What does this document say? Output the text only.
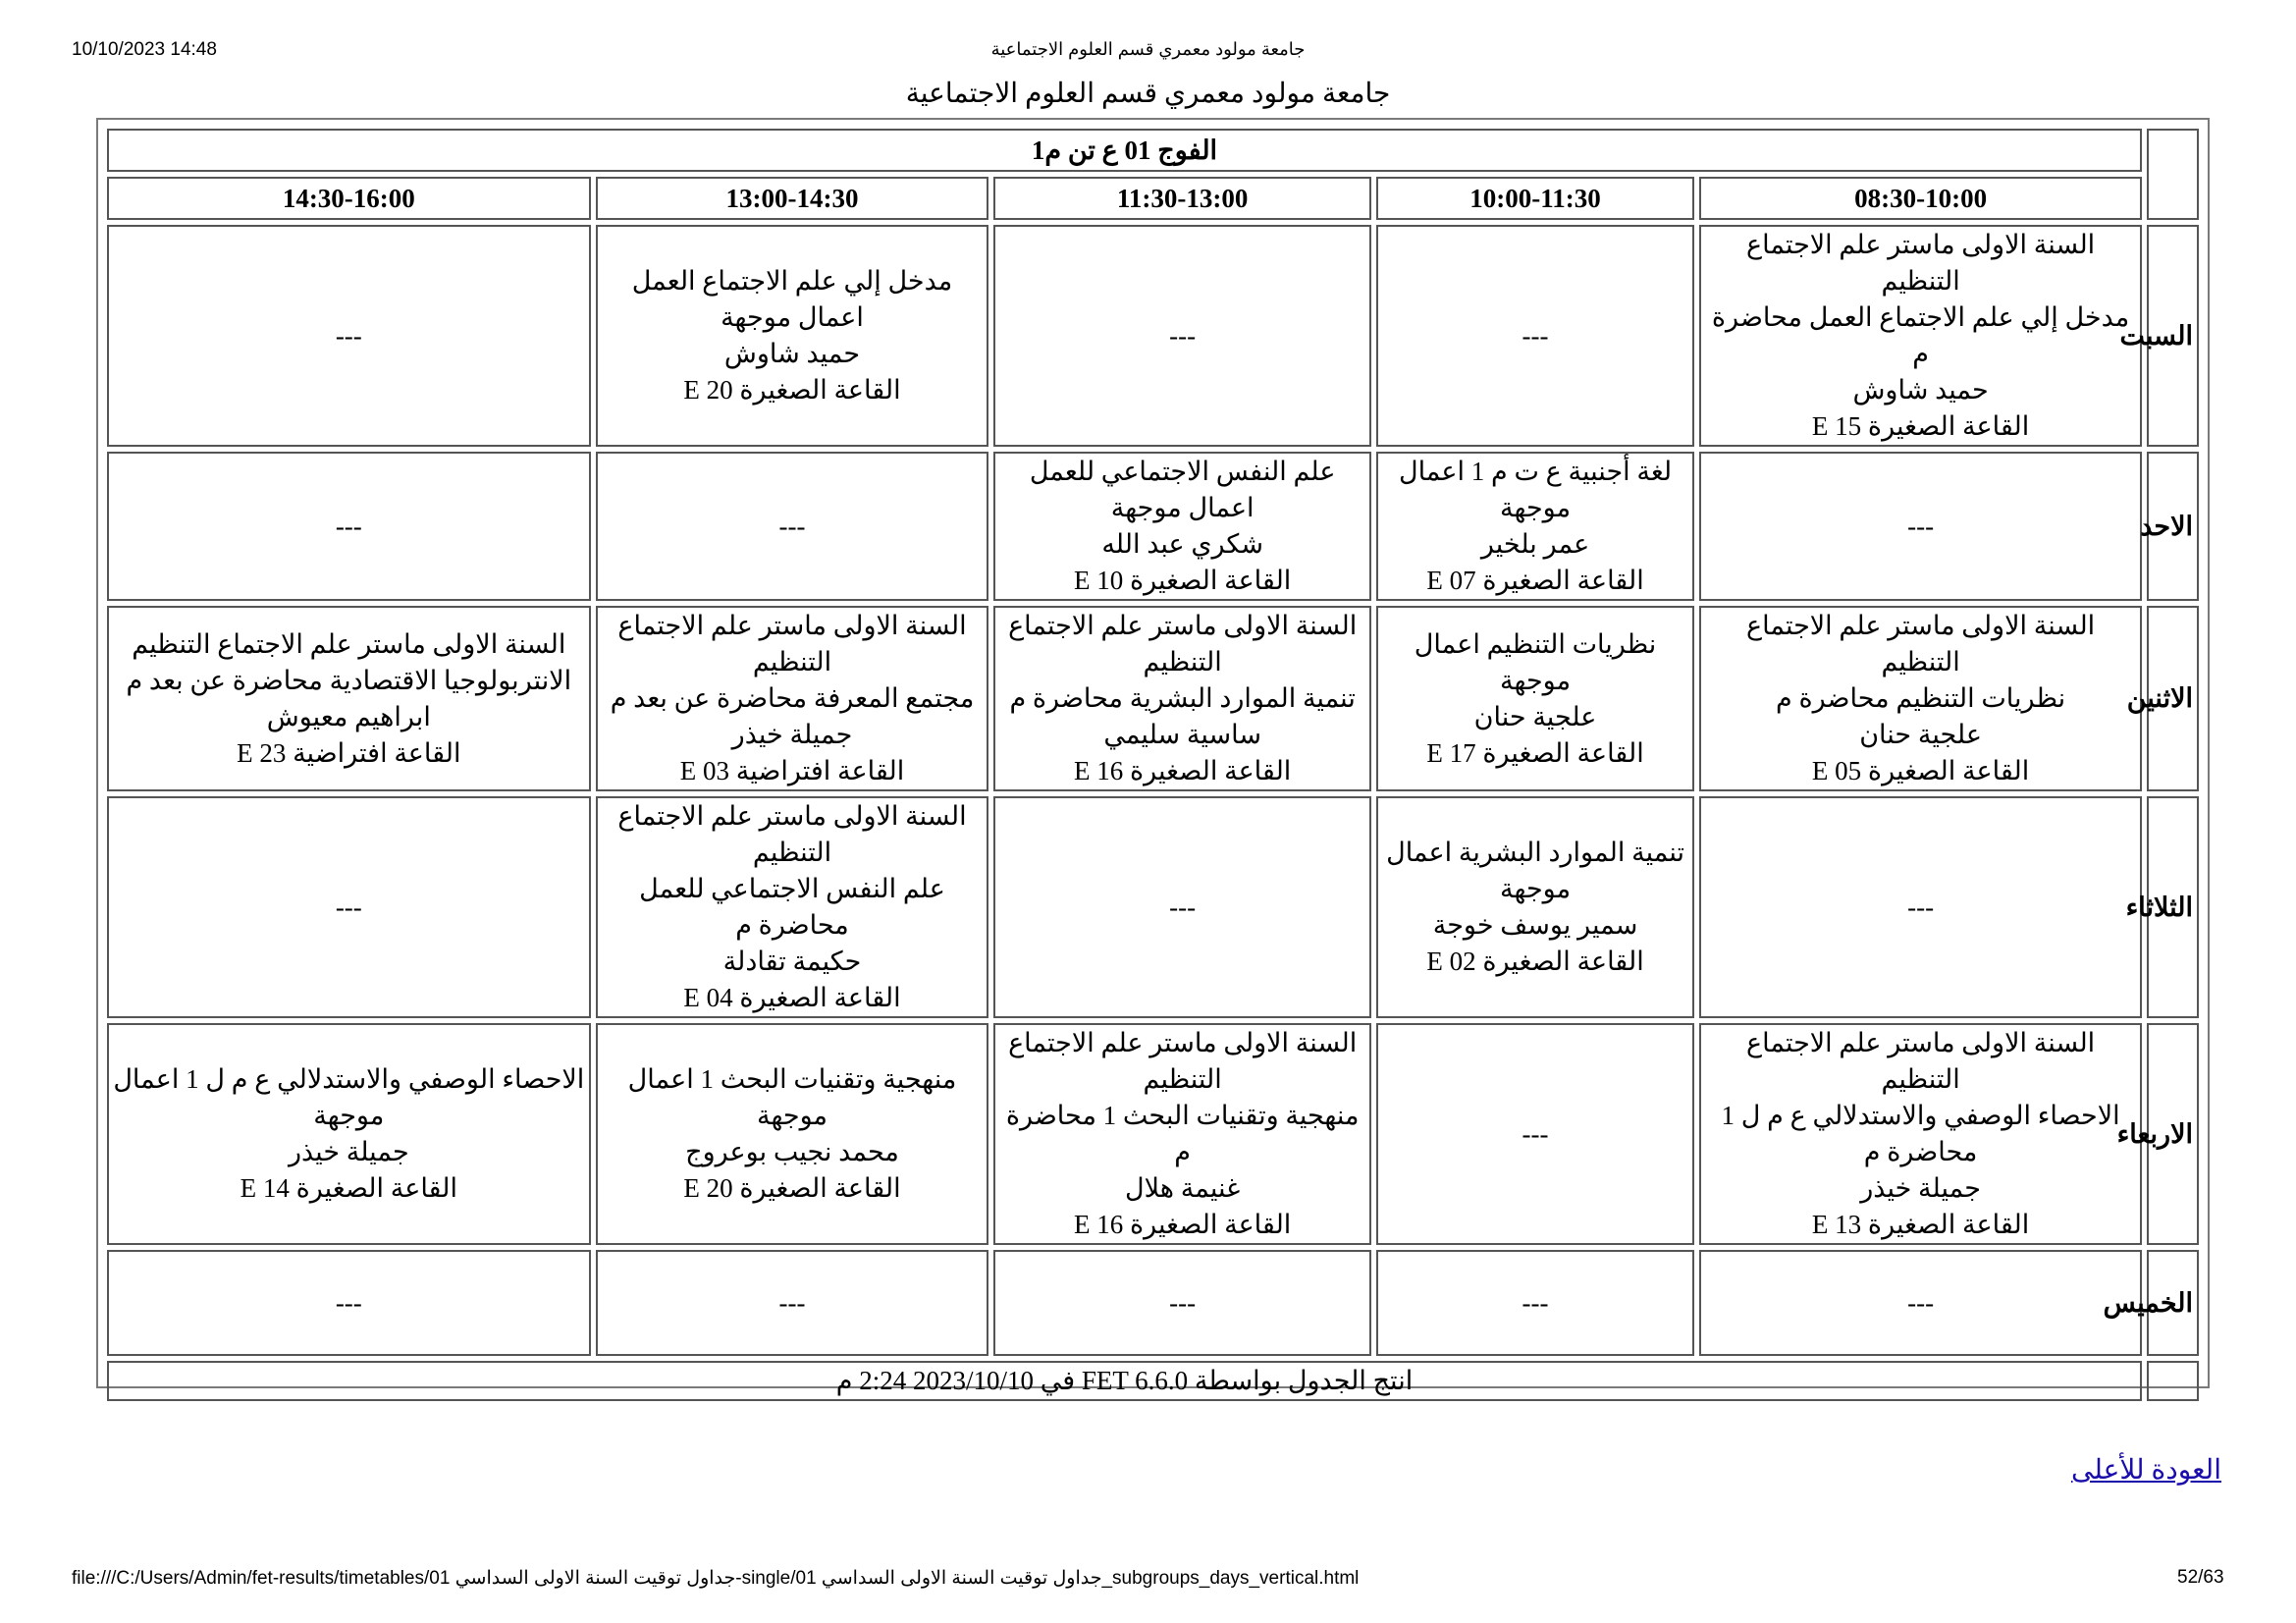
10/10/2023 14:48	جامعة مولود معمري قسم العلوم الاجتماعية
جامعة مولود معمري قسم العلوم الاجتماعية
	الفوج 01 ع تن م1				
	08:30-10:00	10:00-11:30	11:30-13:00	13:00-14:30	14:30-16:00
السبت	السنة الاولى ماستر علم الاجتماع التنظيم
مدخل إلي علم الاجتماع العمل محاضرة م
حميد شاوش
القاعة الصغيرة 15 E	---	---	مدخل إلي علم الاجتماع العمل اعمال موجهة
حميد شاوش
القاعة الصغيرة 20 E	---

الاحد	---	لغة أجنبية ع ت م 1 اعمال موجهة
عمر بلخير
القاعة الصغيرة 07 E	علم النفس الاجتماعي للعمل اعمال موجهة
شكري عبد الله
القاعة الصغيرة 10 E	---	---

الاثنين	السنة الاولى ماستر علم الاجتماع التنظيم
نظريات التنظيم محاضرة م
علجية حنان
القاعة الصغيرة 05 E	نظريات التنظيم اعمال موجهة
علجية حنان
القاعة الصغيرة 17 E	السنة الاولى ماستر علم الاجتماع التنظيم
تنمية الموارد البشرية محاضرة م
ساسية سليمي
القاعة الصغيرة 16 E	السنة الاولى ماستر علم الاجتماع التنظيم
مجتمع المعرفة محاضرة عن بعد م
جميلة خيذر
القاعة افتراضية 03 E	السنة الاولى ماستر علم الاجتماع التنظيم
الانتربولوجيا الاقتصادية محاضرة عن بعد م
ابراهيم معيوش
القاعة افتراضية 23 E

الثلاثاء	---	تنمية الموارد البشرية اعمال موجهة
سمير يوسف خوجة
القاعة الصغيرة 02 E	---	السنة الاولى ماستر علم الاجتماع التنظيم
علم النفس الاجتماعي للعمل محاضرة م
حكيمة تقادلة
القاعة الصغيرة 04 E	---

الاربعاء	السنة الاولى ماستر علم الاجتماع التنظيم
الاحصاء الوصفي والاستدلالي ع م ل 1 محاضرة م
جميلة خيذر
القاعة الصغيرة 13 E	---	السنة الاولى ماستر علم الاجتماع التنظيم
منهجية وتقنيات البحث 1 محاضرة م
غنيمة هلال
القاعة الصغيرة 16 E	منهجية وتقنيات البحث 1 اعمال موجهة
محمد نجيب بوعروج
القاعة الصغيرة 20 E	الاحصاء الوصفي والاستدلالي ع م ل 1 اعمال موجهة
جميلة خيذر
القاعة الصغيرة 14 E

الخميس	---	---	---	---	---

	انتج الجدول بواسطة FET 6.6.0 في 2023/10/10 2:24 م				
العودة للأعلى
file:///C:/Users/Admin/fet-results/timetables/01 جداول توقيت السنة الاولى السداسي-single/01 جداول توقيت السنة الاولى السداسي_subgroups_days_vertical.html	52/63
